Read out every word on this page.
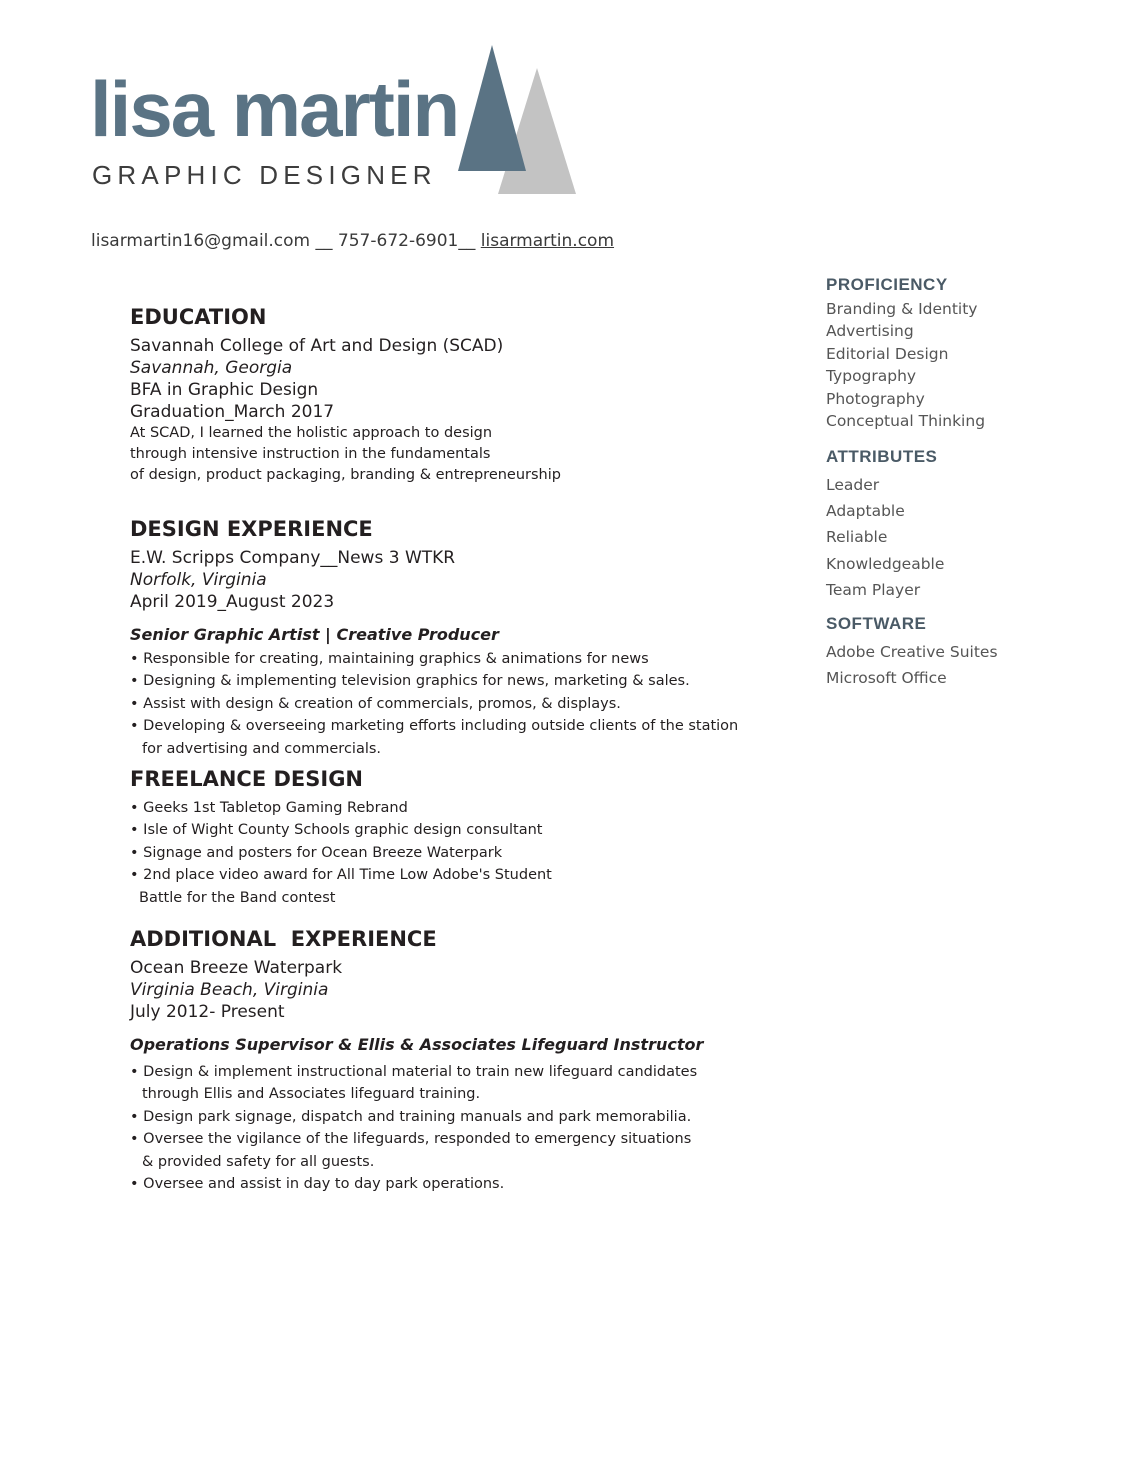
lisa martin
GRAPHIC DESIGNER
lisarmartin16@gmail.com __ 757-672-6901__ lisarmartin.com
EDUCATION
Savannah College of Art and Design (SCAD)
Savannah, Georgia
BFA in Graphic Design
Graduation_March 2017
At SCAD, I learned the holistic approach to design
through intensive instruction in the fundamentals
of design, product packaging, branding & entrepreneurship
DESIGN EXPERIENCE
E.W. Scripps Company__News 3 WTKR
Norfolk, Virginia
April 2019_August 2023
Senior Graphic Artist | Creative Producer
• Responsible for creating, maintaining graphics & animations for news
• Designing & implementing television graphics for news, marketing & sales.
• Assist with design & creation of commercials, promos, & displays.
• Developing & overseeing marketing efforts including outside clients of the station
for advertising and commercials.
FREELANCE DESIGN
• Geeks 1st Tabletop Gaming Rebrand
• Isle of Wight County Schools graphic design consultant
• Signage and posters for Ocean Breeze Waterpark
• 2nd place video award for All Time Low Adobe's Student
Battle for the Band contest
ADDITIONAL  EXPERIENCE
Ocean Breeze Waterpark
Virginia Beach, Virginia
July 2012- Present
Operations Supervisor & Ellis & Associates Lifeguard Instructor
• Design & implement instructional material to train new lifeguard candidates
through Ellis and Associates lifeguard training.
• Design park signage, dispatch and training manuals and park memorabilia.
• Oversee the vigilance of the lifeguards, responded to emergency situations
& provided safety for all guests.
• Oversee and assist in day to day park operations.
PROFICIENCY
Branding & Identity
Advertising
Editorial Design
Typography
Photography
Conceptual Thinking
ATTRIBUTES
Leader
Adaptable
Reliable
Knowledgeable
Team Player
SOFTWARE
Adobe Creative Suites
Microsoft Office
